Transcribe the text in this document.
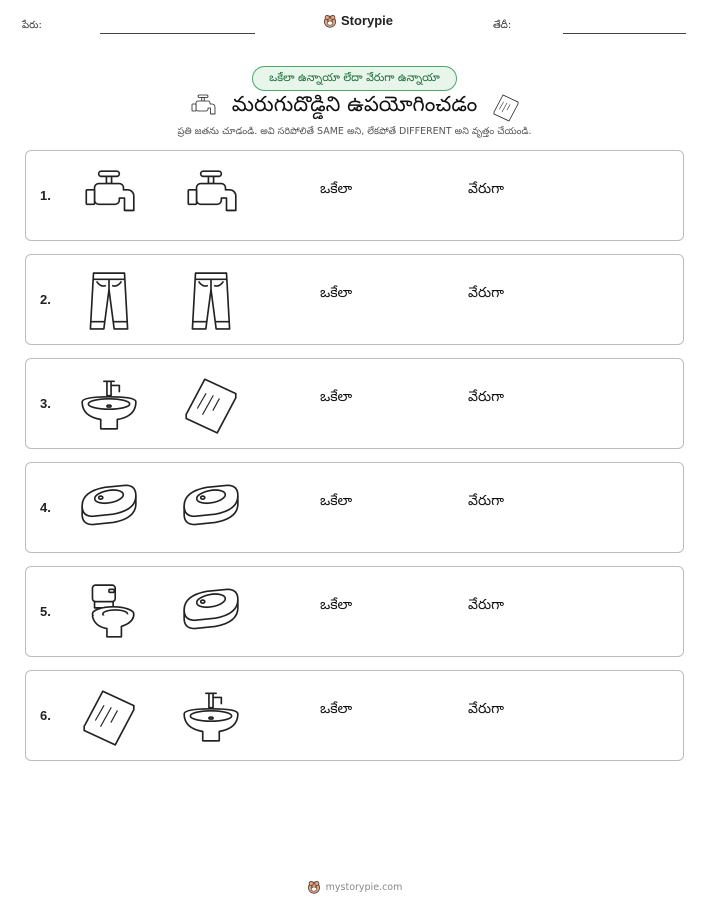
పేరు:	Storypie	తేదీ:
ఒకేలా ఉన్నాయా లేదా వేరుగా ఉన్నాయా
మరుగుదొడ్డిని ఉపయోగించడం
ప్రతి జతను చూడండి. అవి సరిపోలితే SAME అని, లేకపోతే DIFFERENT అని వృత్తం చేయండి.
1.	ఒకేలా	వేరుగా
2.	ఒకేలా	వేరుగా
3.	ఒకేలా	వేరుగా
4.	ఒకేలా	వేరుగా
5.	ఒకేలా	వేరుగా
6.	ఒకేలా	వేరుగా
mystorypie.com
